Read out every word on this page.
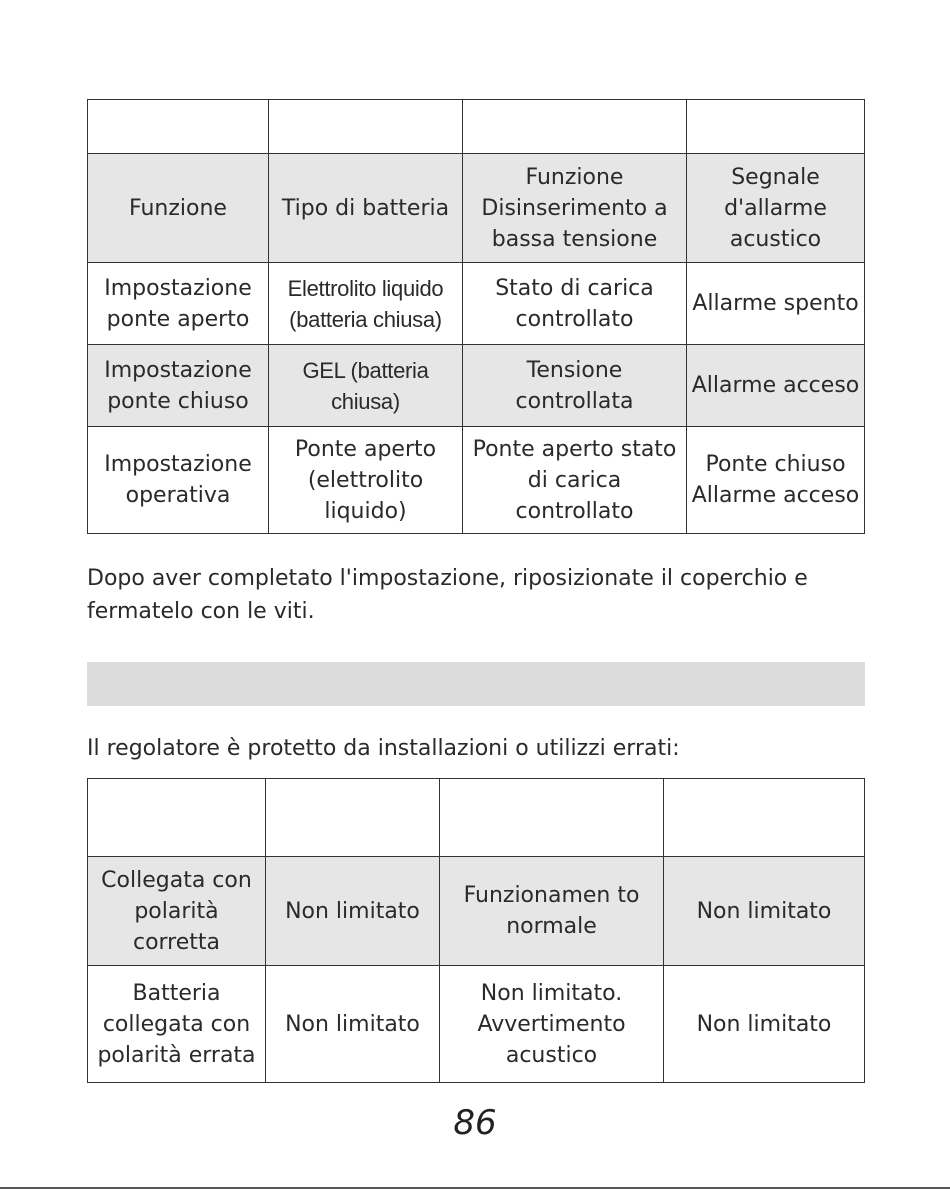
Funzione	Tipo di batteria	Funzione Disinserimento a bassa tensione	Segnale d'allarme acustico
Impostazione ponte aperto	Elettrolito liquido (batteria chiusa)	Stato di carica controllato	Allarme spento
Impostazione ponte chiuso	GEL (batteria chiusa)	Tensione controllata	Allarme acceso
Impostazione operativa	Ponte aperto (elettrolito liquido)	Ponte aperto stato di carica controllato	Ponte chiuso Allarme acceso

Dopo aver completato l'impostazione, riposizionate il coperchio e fermatelo con le viti.

Il regolatore è protetto da installazioni o utilizzi errati:

Collegata con polarità corretta	Non limitato	Funzionamen to normale	Non limitato
Batteria collegata con polarità errata	Non limitato	Non limitato. Avvertimento acustico	Non limitato
86
